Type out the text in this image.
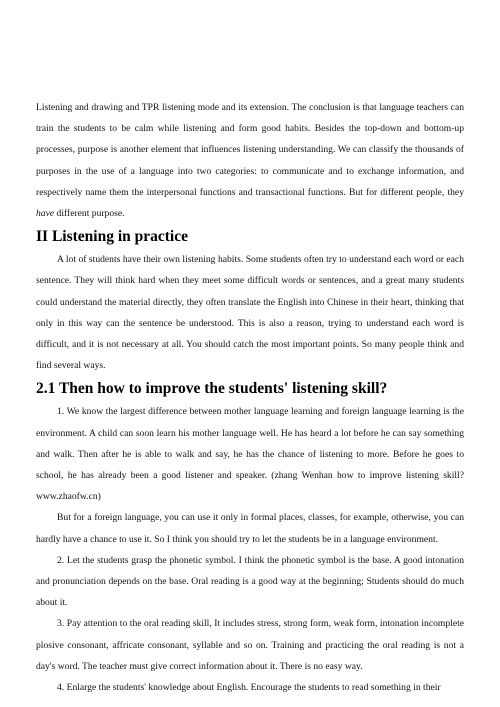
Listening and drawing and TPR listening mode and its extension. The conclusion is that language teachers can train the students to be calm while listening and form good habits. Besides the top-down and bottom-up processes, purpose is another element that influences listening understanding. We can classify the thousands of purposes in the use of a language into two categories: to communicate and to exchange information, and respectively name them the interpersonal functions and transactional functions. But for different people, they have different purpose.

II Listening in practice

A lot of students have their own listening habits. Some students often try to understand each word or each sentence. They will think hard when they meet some difficult words or sentences, and a great many students could understand the material directly, they often translate the English into Chinese in their heart, thinking that only in this way can the sentence be understood. This is also a reason, trying to understand each word is difficult, and it is not necessary at all. You should catch the most important points. So many people think and find several ways.

2.1 Then how to improve the students' listening skill?

1. We know the largest difference between mother language learning and foreign language learning is the environment. A child can soon learn his mother language well. He has heard a lot before he can say something and walk. Then after he is able to walk and say, he has the chance of listening to more. Before he goes to school, he has already been a good listener and speaker. (zhang Wenhan how to improve listening skill? www.zhaofw.cn)

But for a foreign language, you can use it only in formal places, classes, for example, otherwise, you can hardly have a chance to use it. So I think you should try to let the students be in a language environment.

2. Let the students grasp the phonetic symbol. I think the phonetic symbol is the base. A good intonation and pronunciation depends on the base. Oral reading is a good way at the beginning; Students should do much about it.

3. Pay attention to the oral reading skill, It includes stress, strong form, weak form, intonation incomplete plosive consonant, affricate consonant, syllable and so on. Training and practicing the oral reading is not a day's word. The teacher must give correct information about it. There is no easy way.

4. Enlarge the students' knowledge about English. Encourage the students to read something in their
